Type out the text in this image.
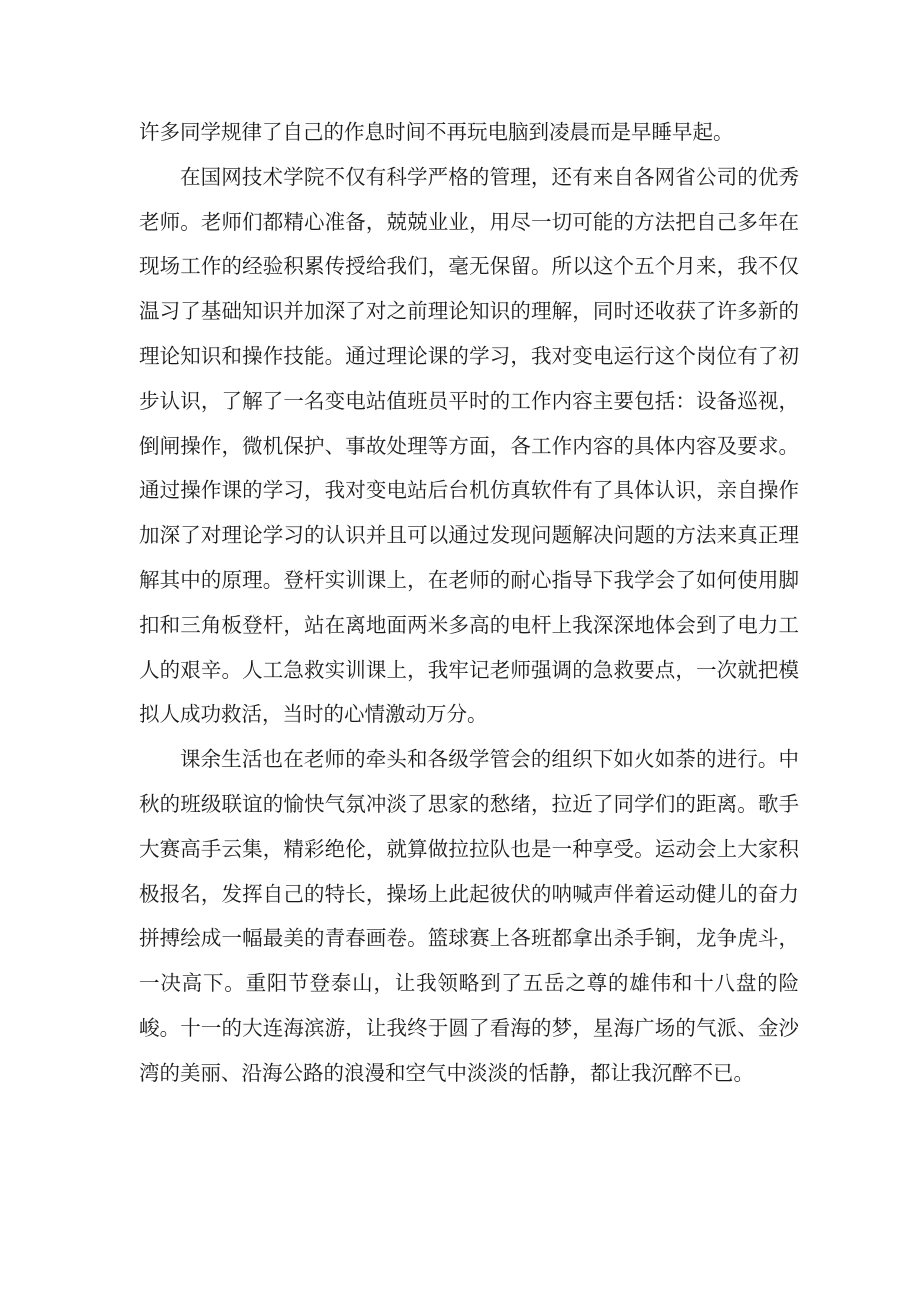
许多同学规律了自己的作息时间不再玩电脑到凌晨而是早睡早起。

在国网技术学院不仅有科学严格的管理，还有来自各网省公司的优秀老师。老师们都精心准备，兢兢业业，用尽一切可能的方法把自己多年在现场工作的经验积累传授给我们，毫无保留。所以这个五个月来，我不仅温习了基础知识并加深了对之前理论知识的理解，同时还收获了许多新的理论知识和操作技能。通过理论课的学习，我对变电运行这个岗位有了初步认识，了解了一名变电站值班员平时的工作内容主要包括：设备巡视，倒闸操作，微机保护、事故处理等方面，各工作内容的具体内容及要求。通过操作课的学习，我对变电站后台机仿真软件有了具体认识，亲自操作加深了对理论学习的认识并且可以通过发现问题解决问题的方法来真正理解其中的原理。登杆实训课上，在老师的耐心指导下我学会了如何使用脚扣和三角板登杆，站在离地面两米多高的电杆上我深深地体会到了电力工人的艰辛。人工急救实训课上，我牢记老师强调的急救要点，一次就把模拟人成功救活，当时的心情激动万分。

课余生活也在老师的牵头和各级学管会的组织下如火如荼的进行。中秋的班级联谊的愉快气氛冲淡了思家的愁绪，拉近了同学们的距离。歌手大赛高手云集，精彩绝伦，就算做拉拉队也是一种享受。运动会上大家积极报名，发挥自己的特长，操场上此起彼伏的呐喊声伴着运动健儿的奋力拼搏绘成一幅最美的青春画卷。篮球赛上各班都拿出杀手锏，龙争虎斗，一决高下。重阳节登泰山，让我领略到了五岳之尊的雄伟和十八盘的险峻。十一的大连海滨游，让我终于圆了看海的梦，星海广场的气派、金沙湾的美丽、沿海公路的浪漫和空气中淡淡的恬静，都让我沉醉不已。
